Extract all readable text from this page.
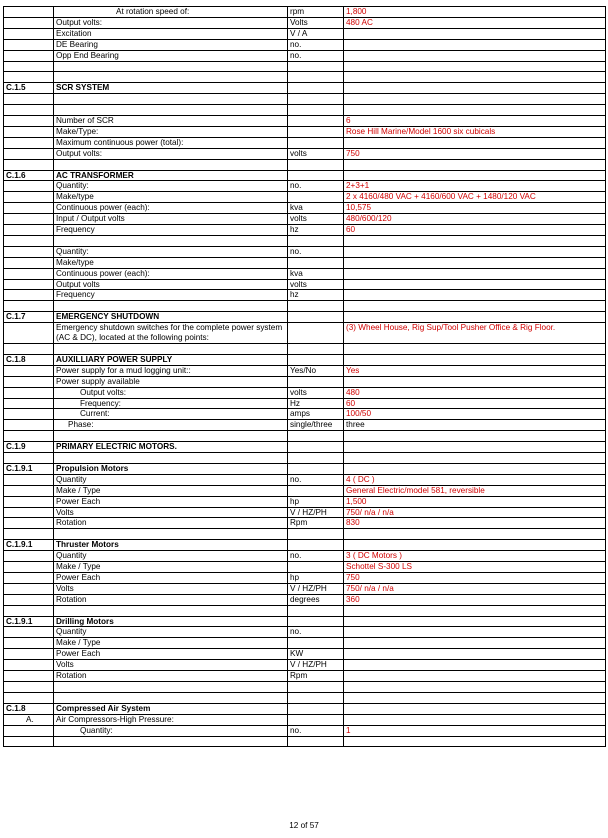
	At rotation speed of:	rpm	1,800
	Output volts:	Volts	480 AC
	Excitation	V / A	
	DE Bearing	no.	
	Opp End Bearing	no.	

C.1.5	SCR SYSTEM		

	Number of SCR		6
	Make/Type:		Rose Hill Marine/Model 1600 six cubicals
	Maximum continuous power (total):		
	Output volts:	volts	750

C.1.6	AC TRANSFORMER		
	Quantity:	no.	2+3+1
	Make/type		2 x 4160/480 VAC + 4160/600 VAC + 1480/120 VAC
	Continuous power (each):	kva	10,575
	Input / Output volts	volts	480/600/120
	Frequency	hz	60

	Quantity:	no.	
	Make/type		
	Continuous power (each):	kva	
	Output volts	volts	
	Frequency	hz	

C.1.7	EMERGENCY SHUTDOWN		
	Emergency shutdown switches for the complete power system (AC & DC), located at the following points:		(3) Wheel House, Rig Sup/Tool Pusher Office & Rig Floor.

C.1.8	AUXILLIARY POWER SUPPLY		
	Power supply for a mud logging unit::	Yes/No	Yes
	Power supply available		
	Output volts:	volts	480
	Frequency:	Hz	60
	Current:	amps	100/50
	Phase:	single/three	three

C.1.9	PRIMARY ELECTRIC MOTORS.		

C.1.9.1	Propulsion Motors		
	Quantity	no.	4 ( DC )
	Make / Type		General Electric/model 581, reversible
	Power Each	hp	1,500
	Volts	V / HZ/PH	750/ n/a / n/a
	Rotation	Rpm	830

C.1.9.1	Thruster Motors		
	Quantity	no.	3 ( DC Motors )
	Make / Type		Schottel S-300 LS
	Power Each	hp	750
	Volts	V / HZ/PH	750/ n/a / n/a
	Rotation	degrees	360

C.1.9.1	Drilling Motors		
	Quantity	no.	
	Make / Type		
	Power Each	KW	
	Volts	V / HZ/PH	
	Rotation	Rpm	

C.1.8	Compressed Air System		
A.	Air Compressors-High Pressure:		
	Quantity:	no.	1

12 of 57
